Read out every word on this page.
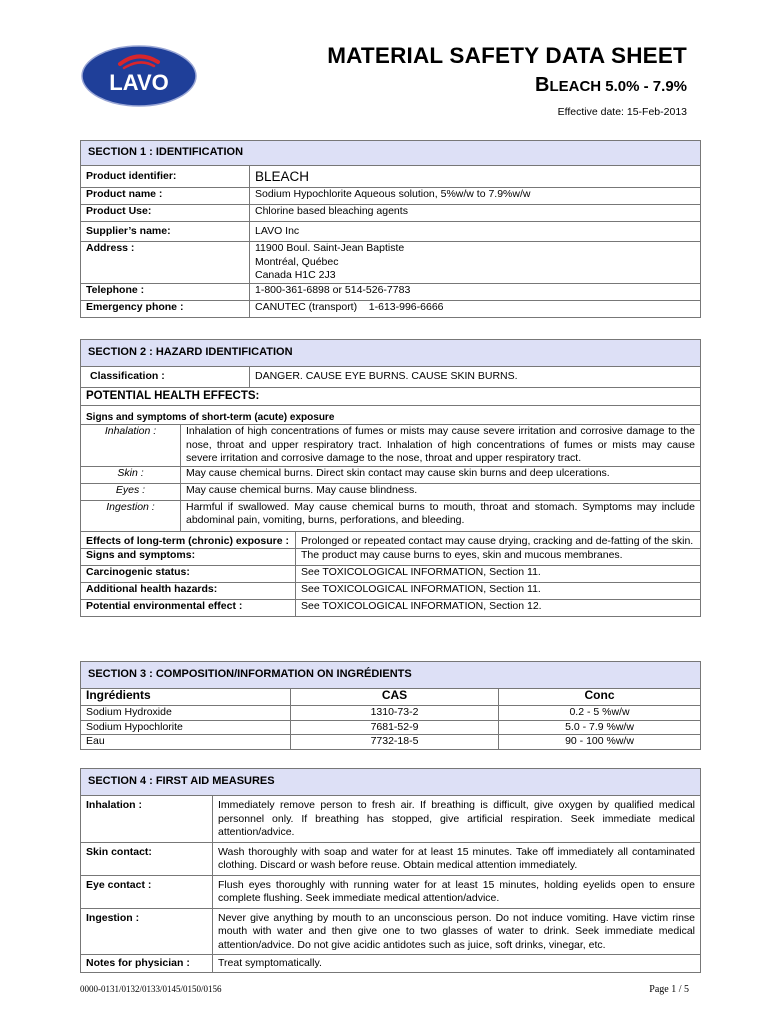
LAVO
MATERIAL SAFETY DATA SHEET
BLEACH 5.0% - 7.9%
Effective date: 15-Feb-2013
SECTION 1 : IDENTIFICATION	
Product identifier:	BLEACH
Product name :	Sodium Hypochlorite Aqueous solution, 5%w/w to 7.9%w/w
Product Use:	Chlorine based bleaching agents
Supplier’s name:	LAVO Inc
Address :	11900 Boul. Saint-Jean Baptiste
Montréal, Québec
Canada H1C 2J3

Telephone :	1-800-361-6898 or 514-526-7783
Emergency phone :	CANUTEC (transport)    1-613-996-6666
SECTION 2 : HAZARD IDENTIFICATION			
Classification :		DANGER. CAUSE EYE BURNS. CAUSE SKIN BURNS.	
POTENTIAL HEALTH EFFECTS:			
Signs and symptoms of short-term (acute) exposure			
Inhalation :	Inhalation of high concentrations of fumes or mists may cause severe irritation and corrosive damage to the nose, throat and upper respiratory tract. Inhalation of high concentrations of fumes or mists may cause severe irritation and corrosive damage to the nose, throat and upper respiratory tract.		
Skin :	May cause chemical burns. Direct skin contact may cause skin burns and deep ulcerations.		
Eyes :	May cause chemical burns. May cause blindness.		
Ingestion :	Harmful if swallowed. May cause chemical burns to mouth, throat and stomach. Symptoms may include abdominal pain, vomiting, burns, perforations, and bleeding.		
Effects of long-term (chronic) exposure :			Prolonged or repeated contact may cause drying, cracking and de-fatting of the skin.
Signs and symptoms:			The product may cause burns to eyes, skin and mucous membranes.
Carcinogenic status:			See TOXICOLOGICAL INFORMATION, Section 11.
Additional health hazards:			See TOXICOLOGICAL INFORMATION, Section 11.
Potential environmental effect :			See TOXICOLOGICAL INFORMATION, Section 12.
SECTION 3 : COMPOSITION/INFORMATION ON INGRÉDIENTS		
Ingrédients	CAS	Conc
Sodium Hydroxide	1310-73-2	0.2 - 5 %w/w
Sodium Hypochlorite	7681-52-9	5.0 - 7.9 %w/w
Eau	7732-18-5	90 - 100 %w/w
SECTION 4 : FIRST AID MEASURES	
Inhalation :	Immediately remove person to fresh air. If breathing is difficult, give oxygen by qualified medical personnel only. If breathing has stopped, give artificial respiration. Seek immediate medical attention/advice.
Skin contact:	Wash thoroughly with soap and water for at least 15 minutes. Take off immediately all contaminated clothing. Discard or wash before reuse. Obtain medical attention immediately.
Eye contact :	Flush eyes thoroughly with running water for at least 15 minutes, holding eyelids open to ensure complete flushing. Seek immediate medical attention/advice.
Ingestion :	Never give anything by mouth to an unconscious person. Do not induce vomiting. Have victim rinse mouth with water and then give one to two glasses of water to drink. Seek immediate medical attention/advice. Do not give acidic antidotes such as juice, soft drinks, vinegar, etc.
Notes for physician :	Treat symptomatically.
0000-0131/0132/0133/0145/0150/0156	Page 1 / 5
